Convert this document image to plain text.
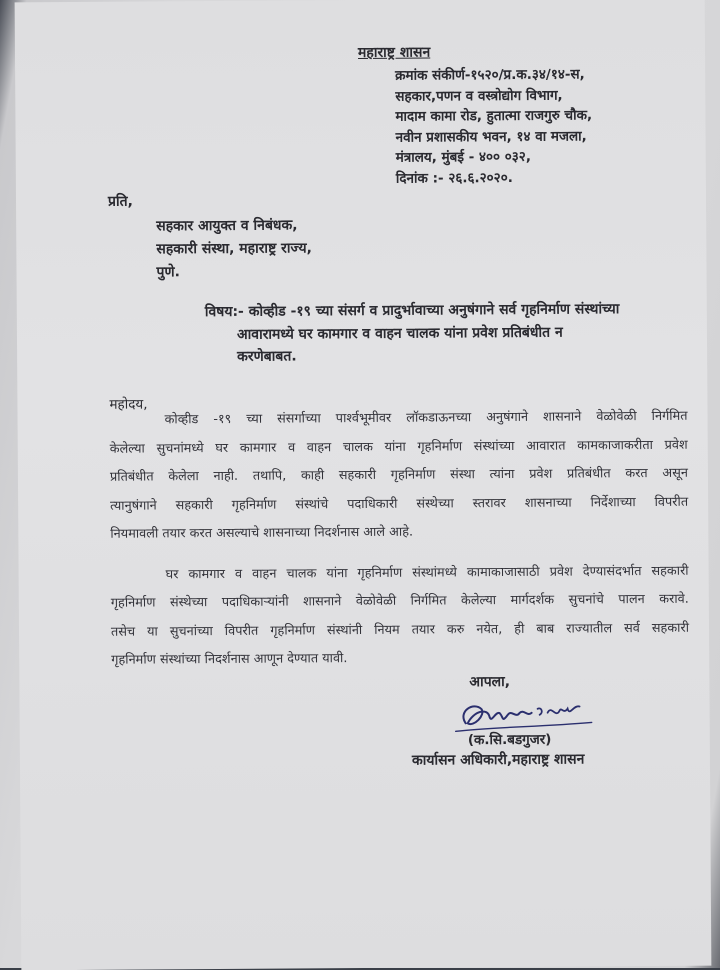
महाराष्ट्र शासन
क्रमांक संकीर्ण-१५२०/प्र.क.३४/१४-स,
सहकार,पणन व वस्त्रोद्योग विभाग,
मादाम कामा रोड, हुतात्मा राजगुरु चौक,
नवीन प्रशासकीय भवन, १४ वा मजला,
मंत्रालय, मुंबई - ४०० ०३२,
दिनांक :- २६.६.२०२०.
प्रति,
सहकार आयुक्त व निबंधक,
सहकारी संस्था, महाराष्ट्र राज्य,
पुणे.
विषय:- कोव्हीड -१९ च्या संसर्ग व प्रादुर्भावाच्या अनुषंगाने सर्व गृहनिर्माण संस्थांच्या
आवारामध्ये घर कामगार व वाहन चालक यांना प्रवेश प्रतिबंधीत न
करणेबाबत.
महोदय,
कोव्हीड -१९ च्या संसर्गाच्या पार्श्वभूमीवर लॉकडाऊनच्या अनुषंगाने शासनाने वेळोवेळी निर्गमित
केलेल्या सुचनांमध्ये घर कामगार व वाहन चालक यांना गृहनिर्माण संस्थांच्या आवारात कामकाजाकरीता प्रवेश
प्रतिबंधीत केलेला नाही. तथापि, काही सहकारी गृहनिर्माण संस्था त्यांना प्रवेश प्रतिबंधीत करत असून
त्यानुषंगाने सहकारी गृहनिर्माण संस्थांचे पदाधिकारी संस्थेच्या स्तरावर शासनाच्या निर्देशाच्या विपरीत
नियमावली तयार करत असल्याचे शासनाच्या निदर्शनास आले आहे.
घर कामगार व वाहन चालक यांना गृहनिर्माण संस्थांमध्ये कामाकाजासाठी प्रवेश देण्यासंदर्भात सहकारी
गृहनिर्माण संस्थेच्या पदाधिकाऱ्यांनी शासनाने वेळोवेळी निर्गमित केलेल्या मार्गदर्शक सुचनांचे पालन करावे.
तसेच या सुचनांच्या विपरीत गृहनिर्माण संस्थांनी नियम तयार करु नयेत, ही बाब राज्यातील सर्व सहकारी
गृहनिर्माण संस्थांच्या निदर्शनास आणून देण्यात यावी.
आपला,
(क.सि.बडगुजर)
कार्यासन अधिकारी,महाराष्ट्र शासन
